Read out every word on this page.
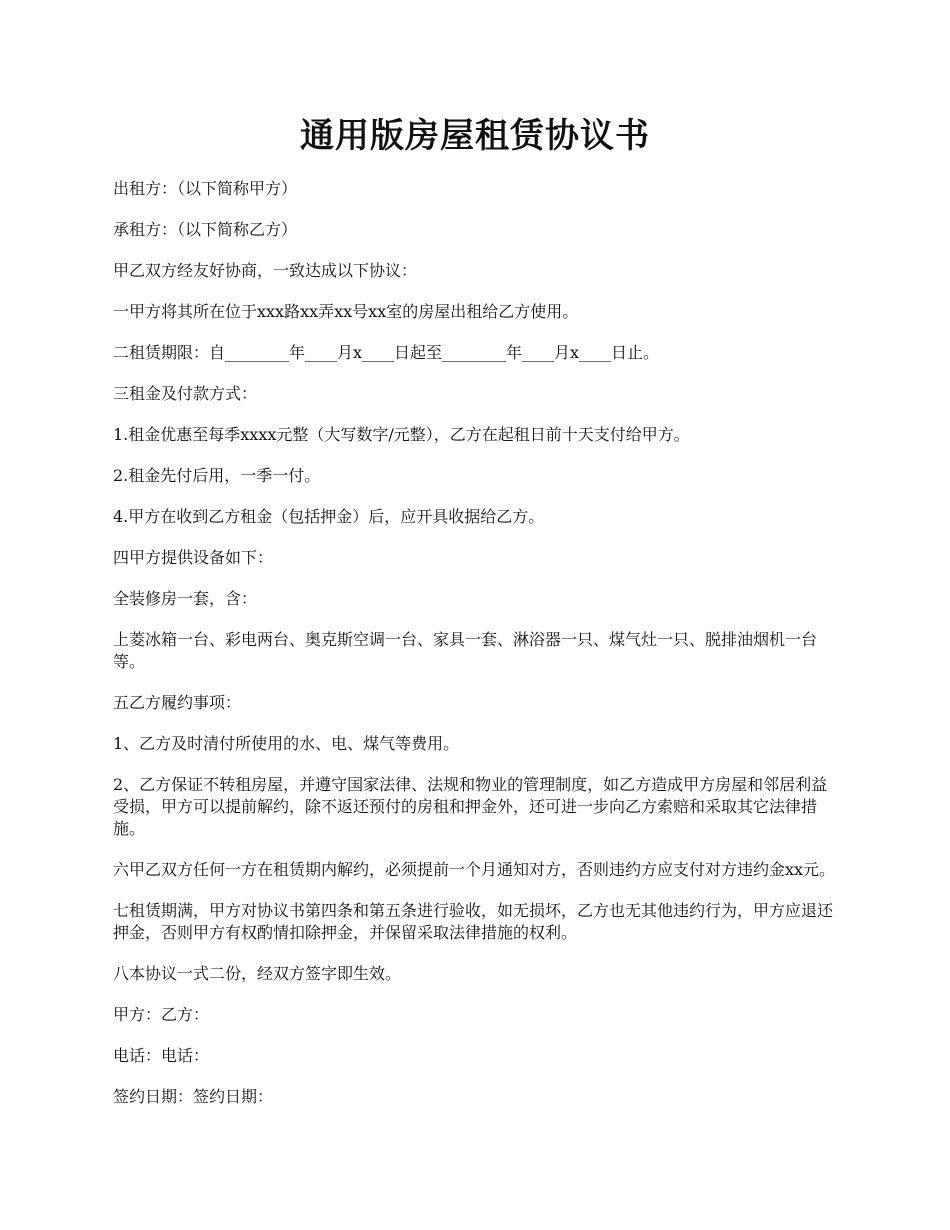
通用版房屋租赁协议书

出租方：（以下简称甲方）

承租方：（以下简称乙方）

甲乙双方经友好协商，一致达成以下协议：

一甲方将其所在位于xxx路xx弄xx号xx室的房屋出租给乙方使用。

二租赁期限：自________年____月x____日起至________年____月x____日止。

三租金及付款方式：

1.租金优惠至每季xxxx元整（大写数字/元整），乙方在起租日前十天支付给甲方。

2.租金先付后用，一季一付。

4.甲方在收到乙方租金（包括押金）后，应开具收据给乙方。

四甲方提供设备如下：

全装修房一套，含：

上菱冰箱一台、彩电两台、奥克斯空调一台、家具一套、淋浴器一只、煤气灶一只、脱排油烟机一台等。

五乙方履约事项：

1、乙方及时清付所使用的水、电、煤气等费用。

2、乙方保证不转租房屋，并遵守国家法律、法规和物业的管理制度，如乙方造成甲方房屋和邻居利益受损，甲方可以提前解约，除不返还预付的房租和押金外，还可进一步向乙方索赔和采取其它法律措施。

六甲乙双方任何一方在租赁期内解约，必须提前一个月通知对方，否则违约方应支付对方违约金xx元。

七租赁期满，甲方对协议书第四条和第五条进行验收，如无损坏，乙方也无其他违约行为，甲方应退还押金，否则甲方有权酌情扣除押金，并保留采取法律措施的权利。

八本协议一式二份，经双方签字即生效。

甲方：乙方：

电话：电话：

签约日期：签约日期：
